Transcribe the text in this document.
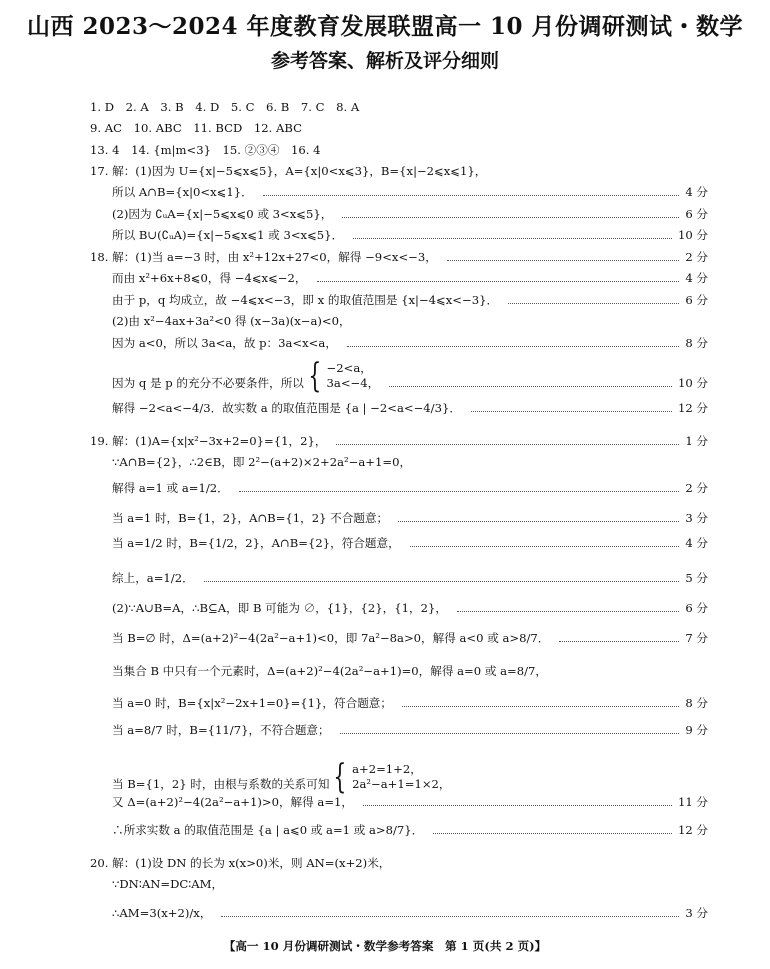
山西 2023～2024 年度教育发展联盟高一 10 月份调研测试・数学
参考答案、解析及评分细则
1. D　2. A　3. B　4. D　5. C　6. B　7. C　8. A
9. AC　10. ABC　11. BCD　12. ABC
13. 4　14. {m|m<3}　15. ②③④　16. 4
17. 解：(1)因为 U={x|−5⩽x⩽5}，A={x|0<x⩽3}，B={x|−2⩽x⩽1}，
所以 A∩B={x|0<x⩽1}．	4 分
(2)因为 ∁ᵤA={x|−5⩽x⩽0 或 3<x⩽5}，	6 分
所以 B∪(∁ᵤA)={x|−5⩽x⩽1 或 3<x⩽5}．	10 分
18. 解：(1)当 a=−3 时，由 x²+12x+27<0，解得 −9<x<−3，	2 分
而由 x²+6x+8⩽0，得 −4⩽x⩽−2，	4 分
由于 p，q 均成立，故 −4⩽x<−3，即 x 的取值范围是 {x|−4⩽x<−3}．	6 分
(2)由 x²−4ax+3a²<0 得 (x−3a)(x−a)<0，
因为 a<0，所以 3a<a，故 p：3a<x<a，	8 分
因为 q 是 p 的充分不必要条件，所以 { −2<a，
3a<−4，	10 分
解得 −2<a<−4/3．故实数 a 的取值范围是 {a | −2<a<−4/3}．	12 分
19. 解：(1)A={x|x²−3x+2=0}={1，2}，	1 分
∵A∩B={2}，∴2∈B，即 2²−(a+2)×2+2a²−a+1=0，
解得 a=1 或 a=1/2．	2 分
当 a=1 时，B={1，2}，A∩B={1，2} 不合题意；	3 分
当 a=1/2 时，B={1/2，2}，A∩B={2}，符合题意，	4 分
综上，a=1/2．	5 分
(2)∵A∪B=A，∴B⊆A，即 B 可能为 ∅，{1}，{2}，{1，2}，	6 分
当 B=∅ 时，Δ=(a+2)²−4(2a²−a+1)<0，即 7a²−8a>0，解得 a<0 或 a>8/7．	7 分
当集合 B 中只有一个元素时，Δ=(a+2)²−4(2a²−a+1)=0，解得 a=0 或 a=8/7，
当 a=0 时，B={x|x²−2x+1=0}={1}，符合题意；	8 分
当 a=8/7 时，B={11/7}，不符合题意；	9 分
当 B={1，2} 时，由根与系数的关系可知 { a+2=1+2，
2a²−a+1=1×2，
又 Δ=(a+2)²−4(2a²−a+1)>0，解得 a=1，	11 分
∴所求实数 a 的取值范围是 {a | a⩽0 或 a=1 或 a>8/7}．	12 分
20. 解：(1)设 DN 的长为 x(x>0)米，则 AN=(x+2)米，
∵DN∶AN=DC∶AM，
∴AM=3(x+2)/x，	3 分
【高一 10 月份调研测试・数学参考答案　第 1 页(共 2 页)】
